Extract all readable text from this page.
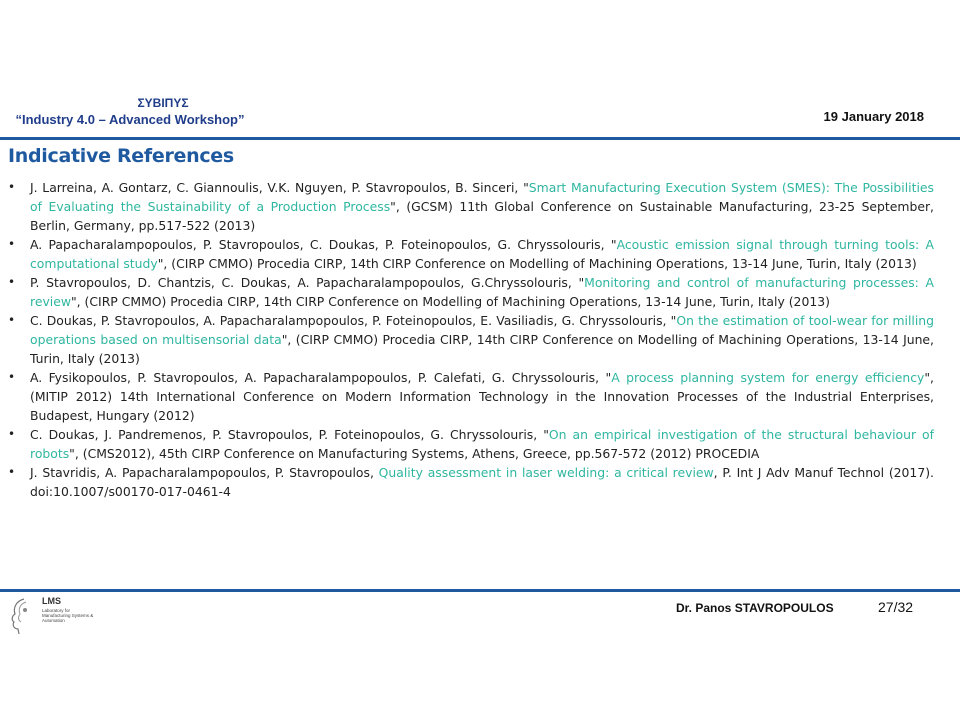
ΣΥΒΙΠΥΣ
“Industry 4.0 – Advanced Workshop”	19 January 2018
Indicative References
• J. Larreina, A. Gontarz, C. Giannoulis, V.K. Nguyen, P. Stavropoulos, B. Sinceri, "Smart Manufacturing Execution System (SMES): The Possibilities of Evaluating the Sustainability of a Production Process", (GCSM) 11th Global Conference on Sustainable Manufacturing, 23-25 September, Berlin, Germany, pp.517-522 (2013)
• A. Papacharalampopoulos, P. Stavropoulos, C. Doukas, P. Foteinopoulos, G. Chryssolouris, "Acoustic emission signal through turning tools: A computational study", (CIRP CMMO) Procedia CIRP, 14th CIRP Conference on Modelling of Machining Operations, 13-14 June, Turin, Italy (2013)
• P. Stavropoulos, D. Chantzis, C. Doukas, A. Papacharalampopoulos, G.Chryssolouris, "Monitoring and control of manufacturing processes: A review", (CIRP CMMO) Procedia CIRP, 14th CIRP Conference on Modelling of Machining Operations, 13-14 June, Turin, Italy (2013)
• C. Doukas, P. Stavropoulos, A. Papacharalampopoulos, P. Foteinopoulos, E. Vasiliadis, G. Chryssolouris, "On the estimation of tool-wear for milling operations based on multisensorial data", (CIRP CMMO) Procedia CIRP, 14th CIRP Conference on Modelling of Machining Operations, 13-14 June, Turin, Italy (2013)
• A. Fysikopoulos, P. Stavropoulos, A. Papacharalampopoulos, P. Calefati, G. Chryssolouris, "A process planning system for energy efficiency", (MITIP 2012) 14th International Conference on Modern Information Technology in the Innovation Processes of the Industrial Enterprises, Budapest, Hungary (2012)
• C. Doukas, J. Pandremenos, P. Stavropoulos, P. Foteinopoulos, G. Chryssolouris, "On an empirical investigation of the structural behaviour of robots", (CMS2012), 45th CIRP Conference on Manufacturing Systems, Athens, Greece, pp.567-572 (2012) PROCEDIA
• J. Stavridis, A. Papacharalampopoulos, P. Stavropoulos, Quality assessment in laser welding: a critical review, P. Int J Adv Manuf Technol (2017). doi:10.1007/s00170-017-0461-4
LMS
Laboratory for Manufacturing Systems & Automation
Dr. Panos STAVROPOULOS	27/32
